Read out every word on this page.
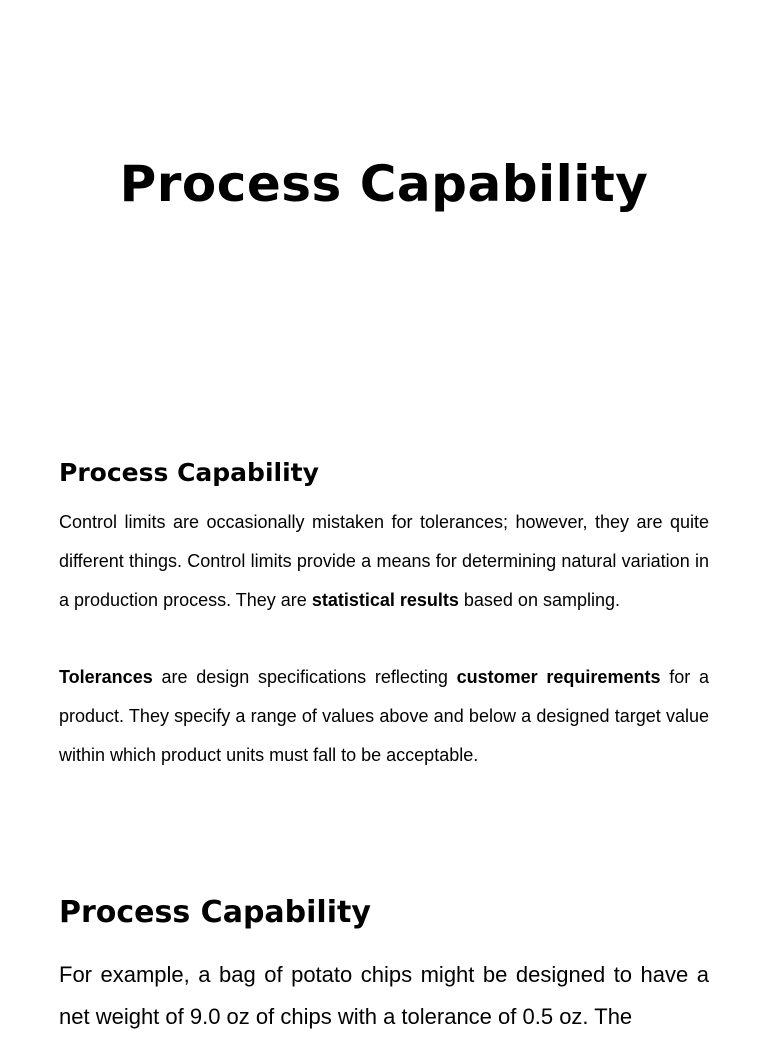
Process Capability
Process Capability

Control limits are occasionally mistaken for tolerances; however, they are quite different things. Control limits provide a means for determining natural variation in a production process. They are statistical results based on sampling.

Tolerances are design specifications reflecting customer requirements for a product. They specify a range of values above and below a designed target value within which product units must fall to be acceptable.

Process Capability

For example, a bag of potato chips might be designed to have a net weight of 9.0 oz of chips with a tolerance of 0.5 oz. The
